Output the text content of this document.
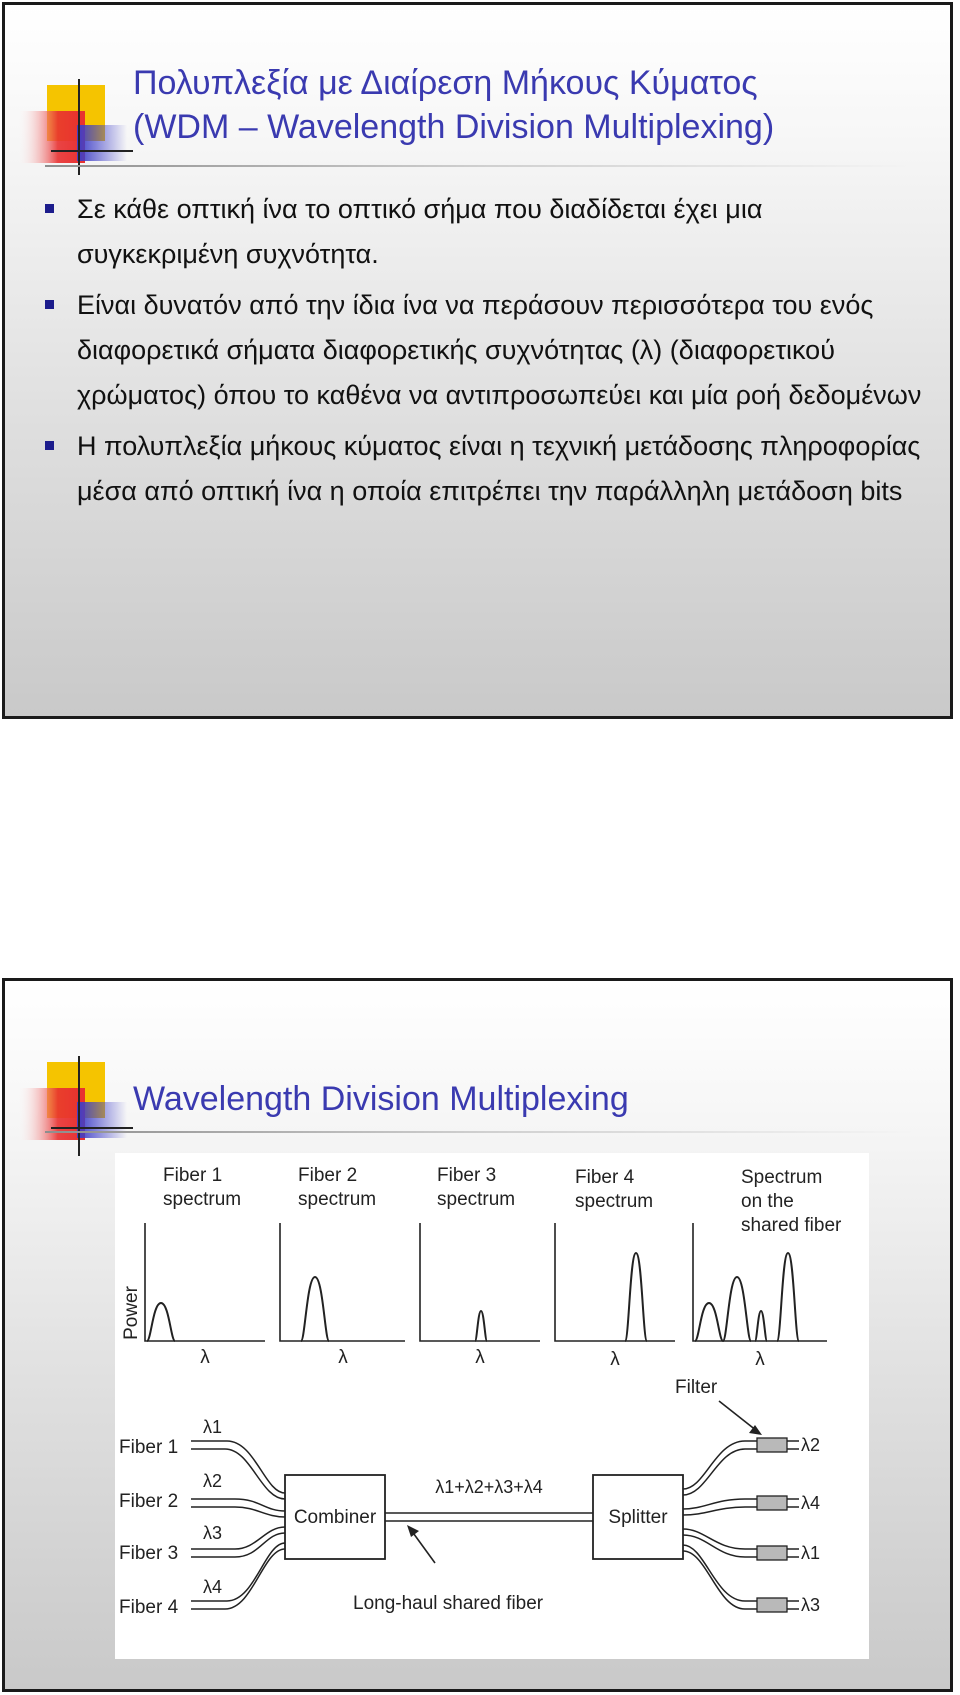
Πολυπλεξία με Διαίρεση Μήκους Κύματος
(WDM – Wavelength Division Multiplexing)
Σε κάθε οπτική ίνα το οπτικό σήμα που διαδίδεται έχει μια συγκεκριμένη συχνότητα.
Είναι δυνατόν από την ίδια ίνα να περάσουν περισσότερα του ενός διαφορετικά σήματα διαφορετικής συχνότητας (λ) (διαφορετικού χρώματος) όπου το καθένα να αντιπροσωπεύει και μία ροή δεδομένων
Η πολυπλεξία μήκους κύματος είναι η τεχνική μετάδοσης πληροφορίας μέσα από οπτική ίνα η οποία επιτρέπει την παράλληλη μετάδοση bits
Wavelength Division Multiplexing
Fiber 1 spectrum
Fiber 2 spectrum
Fiber 3 spectrum
Fiber 4 spectrum
Spectrum on the shared fiber
Power
λ	λ	λ	λ	λ
Fiber 1
Fiber 2
Fiber 3
Fiber 4
λ1
λ2
λ3
λ4
Combiner
λ1+λ2+λ3+λ4
Long-haul shared fiber
Splitter
Filter
λ2
λ4
λ1
λ3
